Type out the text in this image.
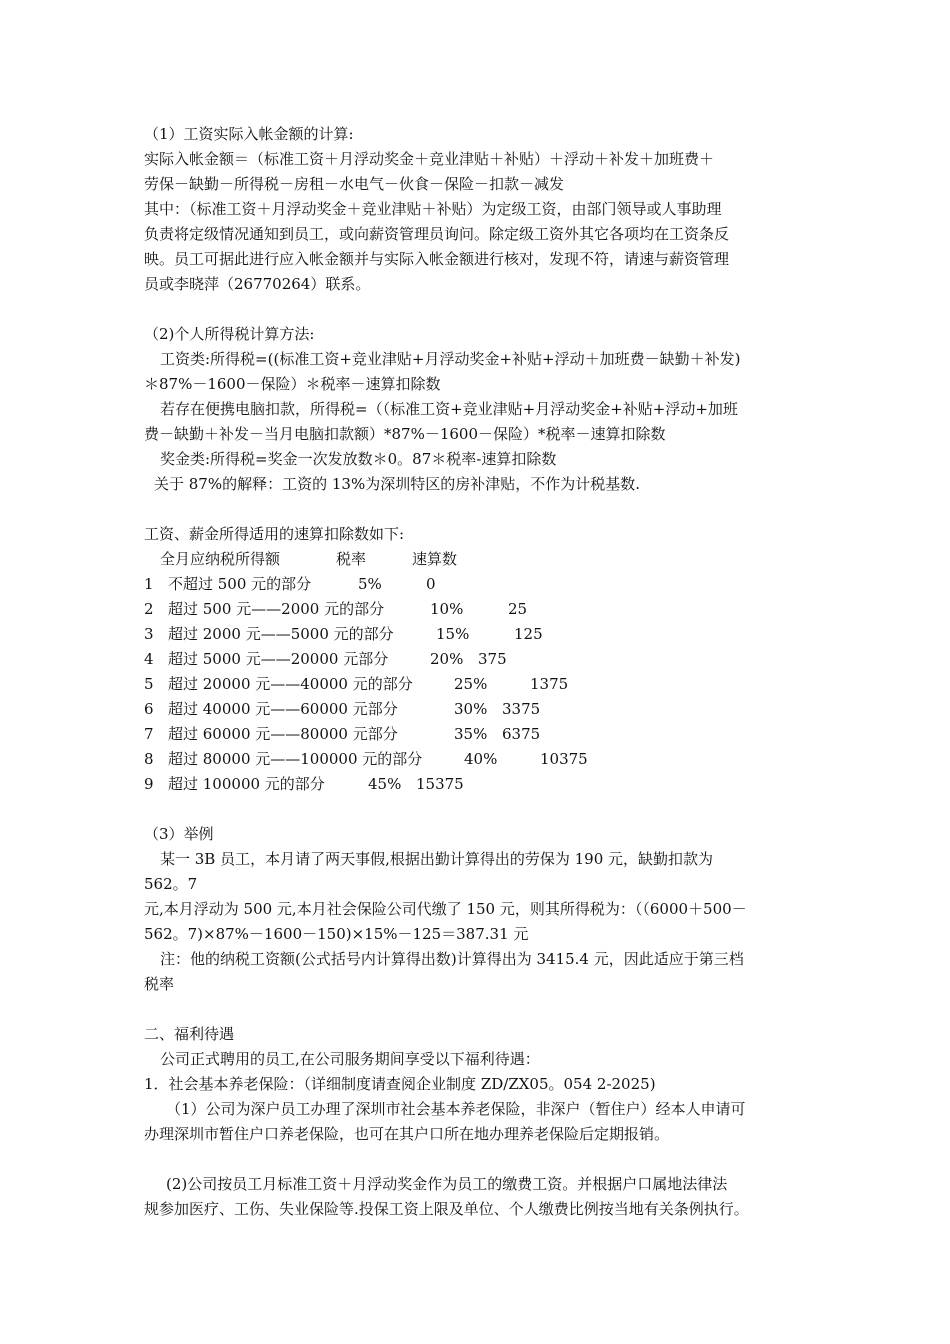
（1）工资实际入帐金额的计算:
实际入帐金额＝（标准工资＋月浮动奖金＋竞业津贴＋补贴）＋浮动＋补发＋加班费＋
劳保－缺勤－所得税－房租－水电气－伙食－保险－扣款－减发
其中：（标准工资＋月浮动奖金＋竞业津贴＋补贴）为定级工资，由部门领导或人事助理
负责将定级情况通知到员工，或向薪资管理员询问。除定级工资外其它各项均在工资条反
映。员工可据此进行应入帐金额并与实际入帐金额进行核对，发现不符，请速与薪资管理
员或李晓萍（26770264）联系。
（2)个人所得税计算方法:
工资类:所得税=((标准工资+竞业津贴+月浮动奖金+补贴+浮动＋加班费－缺勤＋补发)
＊87%－1600－保险）＊税率－速算扣除数
若存在便携电脑扣款，所得税=（（标准工资+竞业津贴+月浮动奖金+补贴+浮动+加班
费－缺勤＋补发－当月电脑扣款额）*87%－1600－保险）*税率－速算扣除数
奖金类:所得税=奖金一次发放数＊0。87＊税率-速算扣除数
关于 87%的解释：工资的 13%为深圳特区的房补津贴，不作为计税基数.
工资、薪金所得适用的速算扣除数如下:
全月应纳税所得额	税率	速算数
1 不超过 500 元的部分	5%	0
2 超过 500 元——2000 元的部分	10%	25
3 超过 2000 元——5000 元的部分	15%	125
4 超过 5000 元——20000 元部分	20% 375
5 超过 20000 元——40000 元的部分	25%	1375
6 超过 40000 元——60000 元部分	30% 3375
7 超过 60000 元——80000 元部分	35% 6375
8 超过 80000 元——100000 元的部分	40%	10375
9 超过 100000 元的部分	45% 15375
（3）举例
某一 3B 员工，本月请了两天事假,根据出勤计算得出的劳保为 190 元，缺勤扣款为
562。7
元,本月浮动为 500 元,本月社会保险公司代缴了 150 元，则其所得税为：（（6000＋500－
562。7)×87%－1600－150)×15%－125＝387.31 元
注：他的纳税工资额(公式括号内计算得出数)计算得出为 3415.4 元，因此适应于第三档
税率
二、福利待遇
公司正式聘用的员工,在公司服务期间享受以下福利待遇：
1．社会基本养老保险：（详细制度请查阅企业制度 ZD/ZX05。054 2-2025)
（1）公司为深户员工办理了深圳市社会基本养老保险，非深户（暂住户）经本人申请可
办理深圳市暂住户口养老保险，也可在其户口所在地办理养老保险后定期报销。
(2)公司按员工月标准工资＋月浮动奖金作为员工的缴费工资。并根据户口属地法律法
规参加医疗、工伤、失业保险等.投保工资上限及单位、个人缴费比例按当地有关条例执行。
